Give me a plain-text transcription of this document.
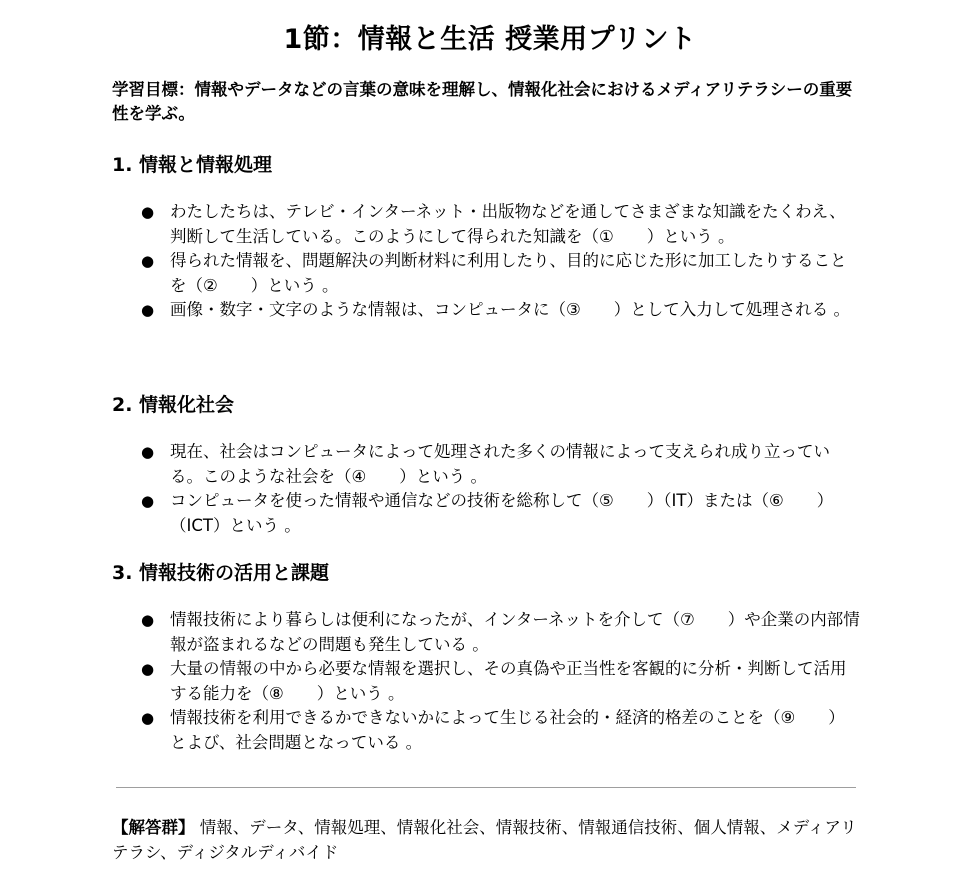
1節：情報と生活 授業用プリント
学習目標：情報やデータなどの言葉の意味を理解し、情報化社会におけるメディアリテラシーの重要性を学ぶ。
1. 情報と情報処理
● わたしたちは、テレビ・インターネット・出版物などを通してさまざまな知識をたくわえ、判断して生活している。このようにして得られた知識を（①　　）という 。
● 得られた情報を、問題解決の判断材料に利用したり、目的に応じた形に加工したりすることを（②　　）という 。
● 画像・数字・文字のような情報は、コンピュータに（③　　）として入力して処理される 。
2. 情報化社会
● 現在、社会はコンピュータによって処理された多くの情報によって支えられ成り立っている。このような社会を（④　　）という 。
● コンピュータを使った情報や通信などの技術を総称して（⑤　　）（IT）または（⑥　　）（ICT）という 。
3. 情報技術の活用と課題
● 情報技術により暮らしは便利になったが、インターネットを介して（⑦　　）や企業の内部情報が盗まれるなどの問題も発生している 。
● 大量の情報の中から必要な情報を選択し、その真偽や正当性を客観的に分析・判断して活用する能力を（⑧　　）という 。
● 情報技術を利用できるかできないかによって生じる社会的・経済的格差のことを（⑨　　）とよび、社会問題となっている 。
【解答群】 情報、データ、情報処理、情報化社会、情報技術、情報通信技術、個人情報、メディアリテラシ、ディジタルディバイド
